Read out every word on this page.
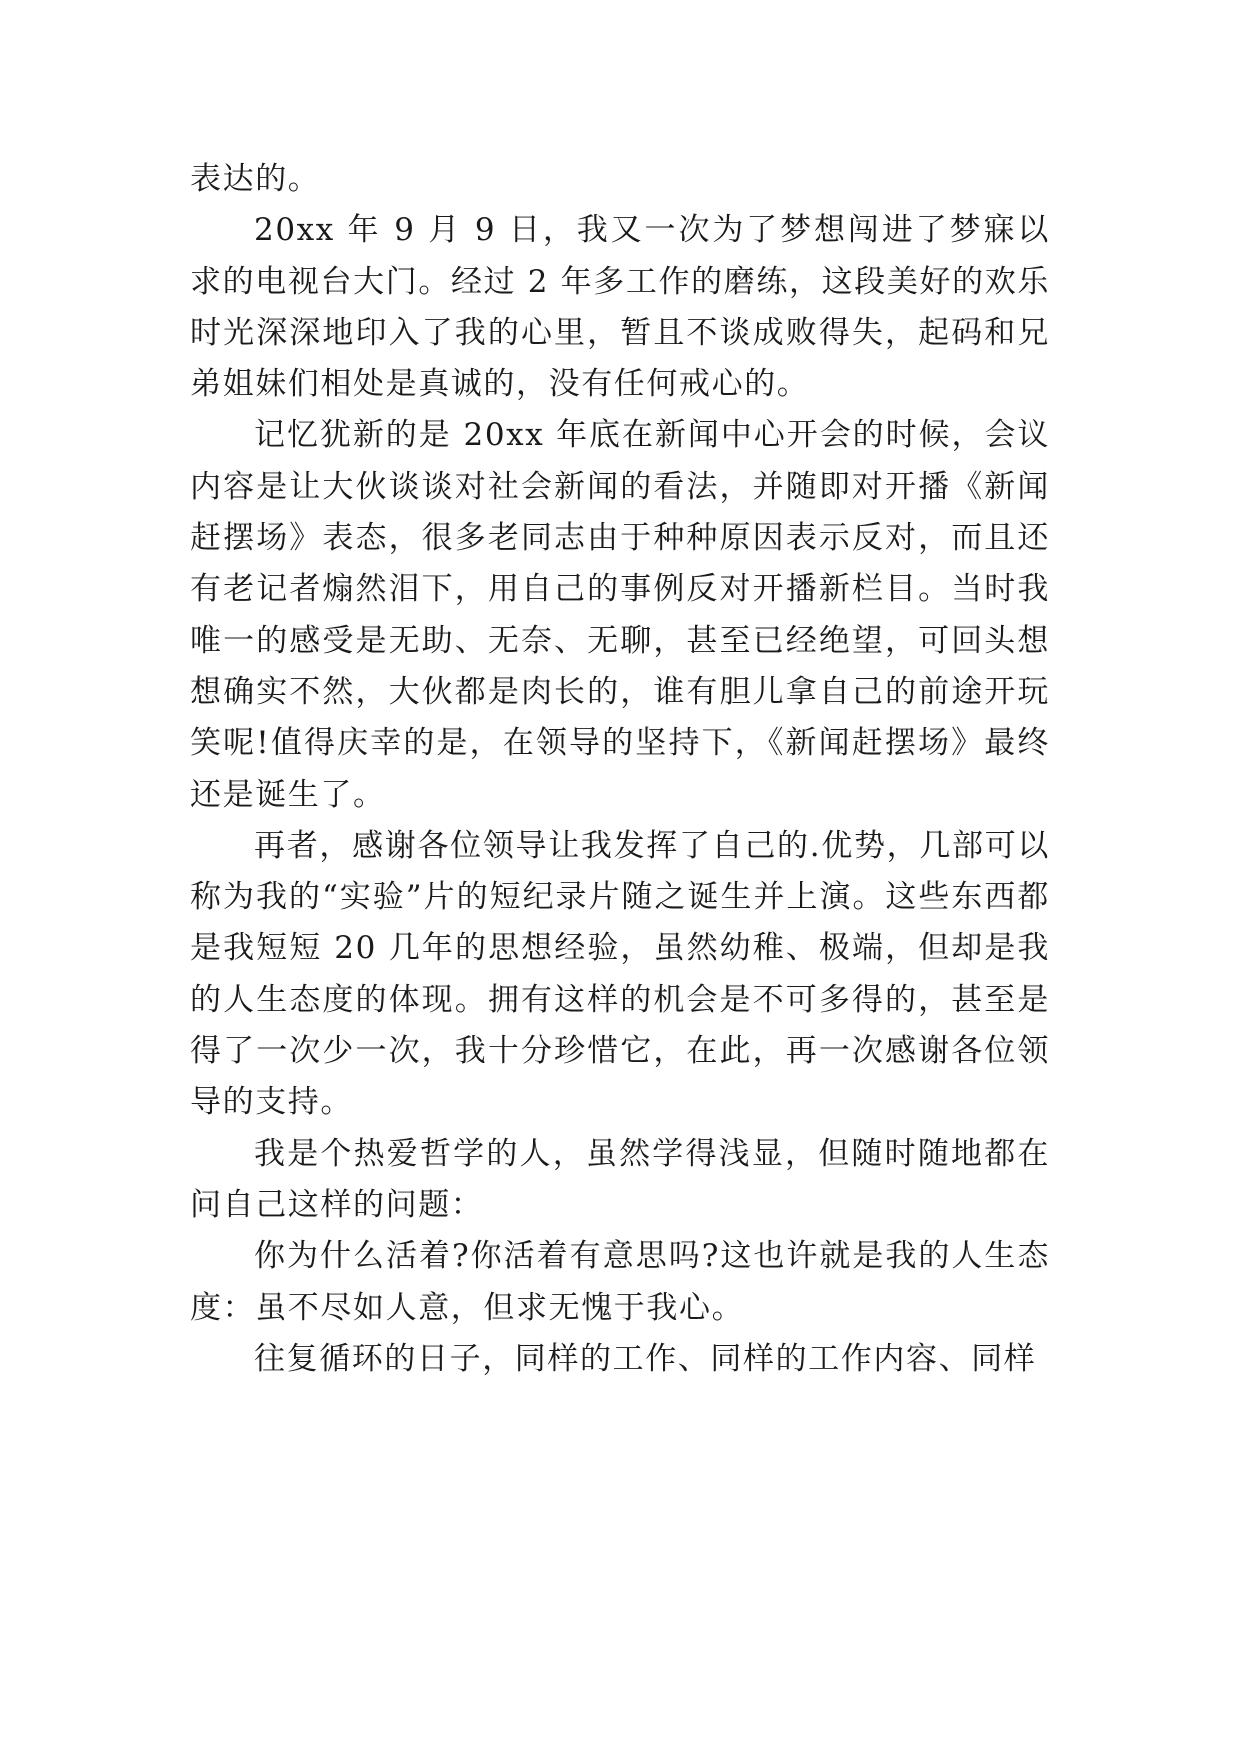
表达的。

20xx 年 9 月 9 日，我又一次为了梦想闯进了梦寐以求的电视台大门。经过 2 年多工作的磨练，这段美好的欢乐时光深深地印入了我的心里，暂且不谈成败得失，起码和兄弟姐妹们相处是真诚的，没有任何戒心的。

记忆犹新的是 20xx 年底在新闻中心开会的时候，会议内容是让大伙谈谈对社会新闻的看法，并随即对开播《新闻赶摆场》表态，很多老同志由于种种原因表示反对，而且还有老记者煽然泪下，用自己的事例反对开播新栏目。当时我唯一的感受是无助、无奈、无聊，甚至已经绝望，可回头想想确实不然，大伙都是肉长的，谁有胆儿拿自己的前途开玩笑呢!值得庆幸的是，在领导的坚持下，《新闻赶摆场》最终还是诞生了。

再者，感谢各位领导让我发挥了自己的.优势，几部可以称为我的“实验”片的短纪录片随之诞生并上演。这些东西都是我短短 20 几年的思想经验，虽然幼稚、极端，但却是我的人生态度的体现。拥有这样的机会是不可多得的，甚至是得了一次少一次，我十分珍惜它，在此，再一次感谢各位领导的支持。

我是个热爱哲学的人，虽然学得浅显，但随时随地都在问自己这样的问题：

你为什么活着?你活着有意思吗?这也许就是我的人生态度：虽不尽如人意，但求无愧于我心。

往复循环的日子，同样的工作、同样的工作内容、同样
